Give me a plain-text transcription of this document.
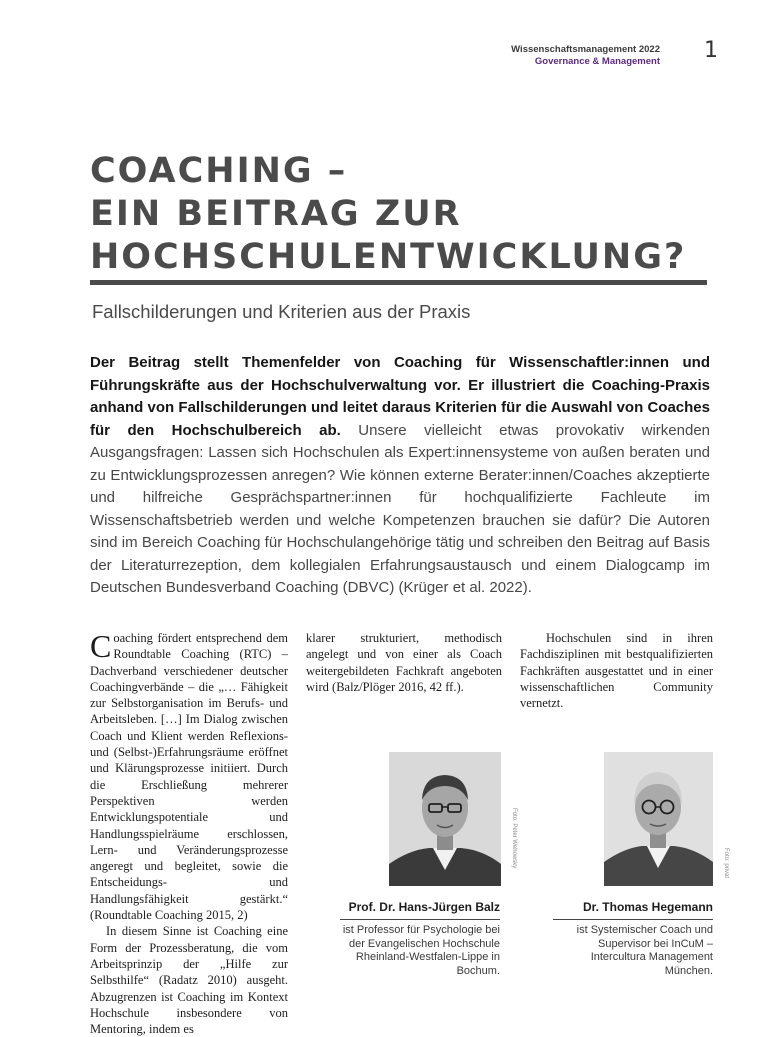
Wissenschaftsmanagement 2022
Governance & Management 1
COACHING –
EIN BEITRAG ZUR
HOCHSCHULENTWICKLUNG?
Fallschilderungen und Kriterien aus der Praxis
Der Beitrag stellt Themenfelder von Coaching für Wissenschaftler:innen und Führungskräfte aus der Hochschulverwaltung vor. Er illustriert die Coaching-Praxis anhand von Fallschilderungen und leitet daraus Kriterien für die Auswahl von Coaches für den Hochschulbereich ab. Unsere vielleicht etwas provokativ wirkenden Ausgangsfragen: Lassen sich Hochschulen als Expert:innensysteme von außen beraten und zu Entwicklungsprozessen anregen? Wie können externe Berater:innen/Coaches akzeptierte und hilfreiche Gesprächspartner:innen für hochqualifizierte Fachleute im Wissenschaftsbetrieb werden und welche Kompetenzen brauchen sie dafür? Die Autoren sind im Bereich Coaching für Hochschulangehörige tätig und schreiben den Beitrag auf Basis der Literaturrezeption, dem kollegialen Erfahrungsaustausch und einem Dialogcamp im Deutschen Bundesverband Coaching (DBVC) (Krüger et al. 2022).

Coaching fördert entsprechend dem Roundtable Coaching (RTC) – Dachverband verschiedener deutscher Coachingverbände – die „… Fähigkeit zur Selbstorganisation im Berufs- und Arbeitsleben. […] Im Dialog zwischen Coach und Klient werden Reflexions- und (Selbst-)Erfahrungsräume eröffnet und Klärungsprozesse initiiert. Durch die Erschließung mehrerer Perspektiven werden Entwicklungspotentiale und Handlungsspielräume erschlossen, Lern- und Veränderungsprozesse angeregt und begleitet, sowie die Entscheidungs- und Handlungsfähigkeit gestärkt.“ (Roundtable Coaching 2015, 2)

In diesem Sinne ist Coaching eine Form der Prozessberatung, die vom Arbeitsprinzip der „Hilfe zur Selbsthilfe“ (Radatz 2010) ausgeht. Abzugrenzen ist Coaching im Kontext Hochschule insbesondere von Mentoring, indem es

klarer strukturiert, methodisch angelegt und von einer als Coach weitergebildeten Fachkraft angeboten wird (Balz/Plöger 2016, 42 ff.).

Hochschulen sind in ihren Fachdisziplinen mit bestqualifizierten Fachkräften ausgestattet und in einer wissenschaftlichen Community vernetzt.

Foto: Peter Wehowsky	Foto: privat
Prof. Dr. Hans-Jürgen Balz
ist Professor für Psychologie bei der Evangelischen Hochschule Rheinland-Westfalen-Lippe in Bochum.
Dr. Thomas Hegemann
ist Systemischer Coach und Supervisor bei InCuM – Intercultura Management München.
